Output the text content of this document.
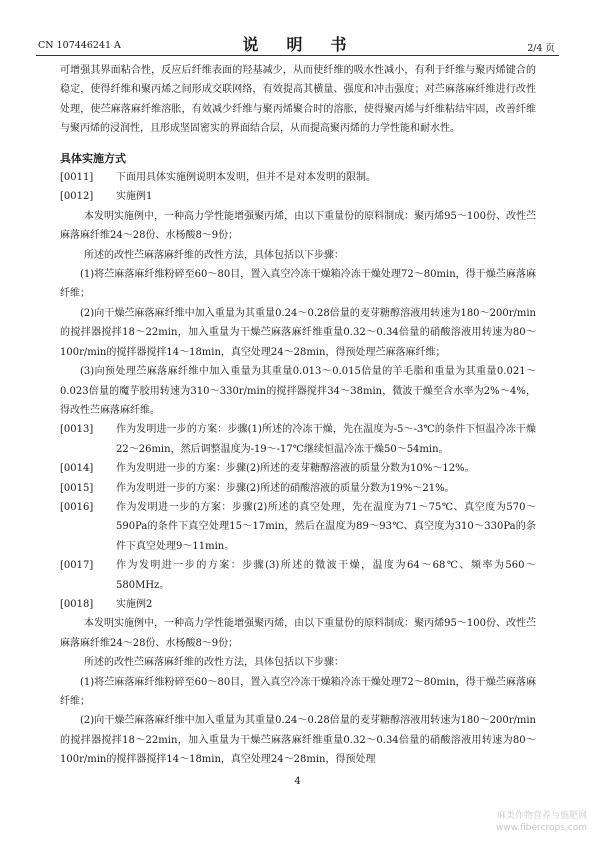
CN 107446241 A	说　明　书	2/4 页

可增强其界面粘合性，反应后纤维表面的羟基减少，从而使纤维的吸水性减小，有利于纤维与聚丙烯键合的稳定，使得纤维和聚丙烯之间形成交联网络，有效提高其横量、强度和冲击强度；对苎麻落麻纤维进行改性处理，使苎麻落麻纤维溶胀，有效减少纤维与聚丙烯聚合时的溶胀，使得聚丙烯与纤维粘结牢固，改善纤维与聚丙烯的浸润性，且形成坚固密实的界面结合层，从而提高聚丙烯的力学性能和耐水性。

具体实施方式

[0011]	下面用具体实施例说明本发明，但并不是对本发明的限制。
[0012]	实施例1

本发明实施例中，一种高力学性能增强聚丙烯，由以下重量份的原料制成：聚丙烯95～100份、改性苎麻落麻纤维24～28份、水杨酸8～9份；

所述的改性苎麻落麻纤维的改性方法，具体包括以下步骤：

(1)将苎麻落麻纤维粉碎至60～80目，置入真空冷冻干燥箱冷冻干燥处理72～80min，得干燥苎麻落麻纤维；

(2)向干燥苎麻落麻纤维中加入重量为其重量0.24～0.28倍量的麦芽糖醇溶液用转速为180～200r/min的搅拌器搅拌18～22min，加入重量为干燥苎麻落麻纤维重量0.32～0.34倍量的硝酸溶液用转速为80～100r/min的搅拌器搅拌14～18min，真空处理24～28min，得预处理苎麻落麻纤维；

(3)向预处理苎麻落麻纤维中加入重量为其重量0.013～0.015倍量的羊毛脂和重量为其重量0.021～0.023倍量的魔芋胶用转速为310～330r/min的搅拌器搅拌34～38min，微波干燥至含水率为2%～4%，得改性苎麻落麻纤维。

[0013]	作为发明进一步的方案：步骤(1)所述的冷冻干燥，先在温度为-5～-3℃的条件下恒温冷冻干燥22～26min，然后调整温度为-19～-17℃继续恒温冷冻干燥50～54min。
[0014]	作为发明进一步的方案：步骤(2)所述的麦芽糖醇溶液的质量分数为10%～12%。
[0015]	作为发明进一步的方案：步骤(2)所述的硝酸溶液的质量分数为19%～21%。
[0016]	作为发明进一步的方案：步骤(2)所述的真空处理，先在温度为71～75℃、真空度为570～590Pa的条件下真空处理15～17min，然后在温度为89～93℃、真空度为310～330Pa的条件下真空处理9～11min。
[0017]	作为发明进一步的方案：步骤(3)所述的微波干燥，温度为64～68℃、频率为560～580MHz。
[0018]	实施例2

本发明实施例中，一种高力学性能增强聚丙烯，由以下重量份的原料制成：聚丙烯95～100份、改性苎麻落麻纤维24～28份、水杨酸8～9份；

所述的改性苎麻落麻纤维的改性方法，具体包括以下步骤：

(1)将苎麻落麻纤维粉碎至60～80目，置入真空冷冻干燥箱冷冻干燥处理72～80min，得干燥苎麻落麻纤维；

(2)向干燥苎麻落麻纤维中加入重量为其重量0.24～0.28倍量的麦芽糖醇溶液用转速为180～200r/min的搅拌器搅拌18～22min，加入重量为干燥苎麻落麻纤维重量0.32～0.34倍量的硝酸溶液用转速为80～100r/min的搅拌器搅拌14～18min，真空处理24～28min，得预处理

4
麻类作物营养与施肥网
www.fibercrops.com
